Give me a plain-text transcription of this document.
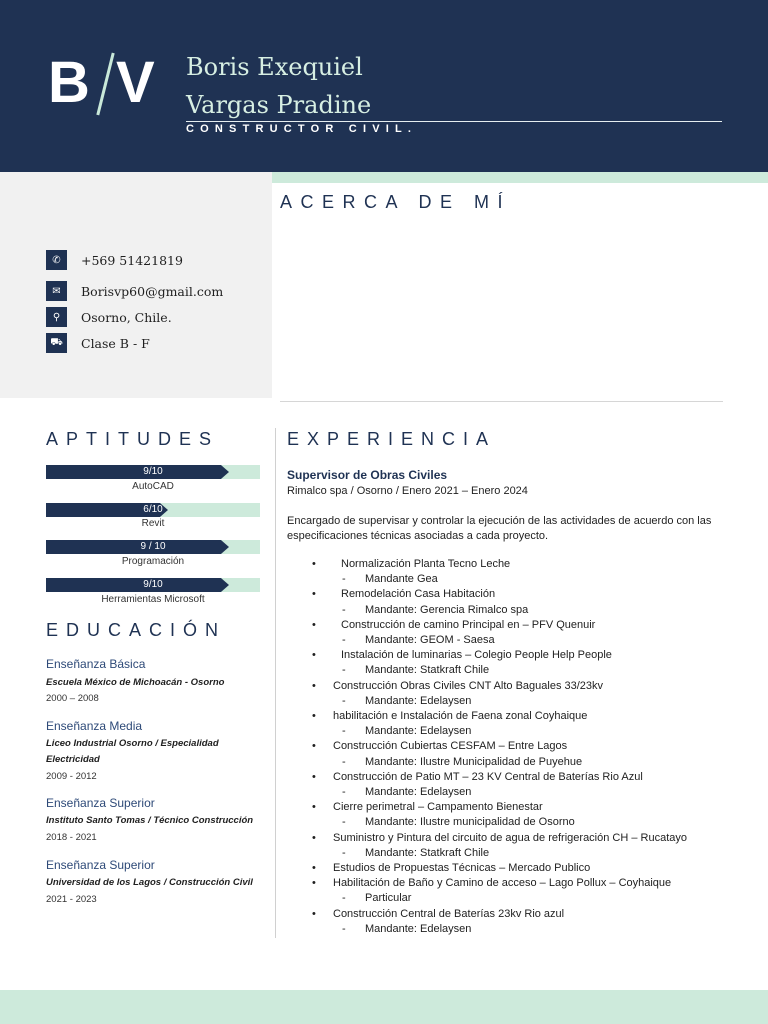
B V Boris Exequiel
Vargas Pradine
CONSTRUCTOR CIVIL.
ACERCA DE MÍ
✆	+569 51421819
✉	Borisvp60@gmail.com
⚲	Osorno, Chile.
⛟	Clase B - F
APTITUDES
9/10
AutoCAD
6/10
Revit
9 / 10
Programación
9/10
Herramientas Microsoft
EDUCACIÓN
Enseñanza Básica
Escuela México de Michoacán - Osorno
2000 – 2008
Enseñanza Media
Liceo Industrial Osorno / Especialidad Electricidad
2009 - 2012
Enseñanza Superior
Instituto Santo Tomas / Técnico Construcción
2018 - 2021
Enseñanza Superior
Universidad de los Lagos / Construcción Civil
2021 - 2023
EXPERIENCIA
Supervisor de Obras Civiles
Rimalco spa / Osorno / Enero 2021 – Enero 2024
Encargado de supervisar y controlar la ejecución de las actividades de acuerdo con las especificaciones técnicas asociadas a cada proyecto.
• Normalización Planta Tecno Leche
- Mandante Gea
• Remodelación Casa Habitación
- Mandante: Gerencia Rimalco spa
• Construcción de camino Principal en – PFV Quenuir
- Mandante: GEOM - Saesa
• Instalación de luminarias – Colegio People Help People
- Mandante: Statkraft Chile
• Construcción Obras Civiles CNT Alto Baguales 33/23kv
- Mandante: Edelaysen
• habilitación e Instalación de Faena zonal Coyhaique
- Mandante: Edelaysen
• Construcción Cubiertas CESFAM – Entre Lagos
- Mandante: Ilustre Municipalidad de Puyehue
• Construcción de Patio MT – 23 KV Central de Baterías Rio Azul
- Mandante: Edelaysen
• Cierre perimetral – Campamento Bienestar
- Mandante: Ilustre municipalidad de Osorno
• Suministro y Pintura del circuito de agua de refrigeración CH – Rucatayo
- Mandante: Statkraft Chile
• Estudios de Propuestas Técnicas – Mercado Publico
• Habilitación de Baño y Camino de acceso – Lago Pollux – Coyhaique
- Particular
• Construcción Central de Baterías 23kv Rio azul
- Mandante: Edelaysen
